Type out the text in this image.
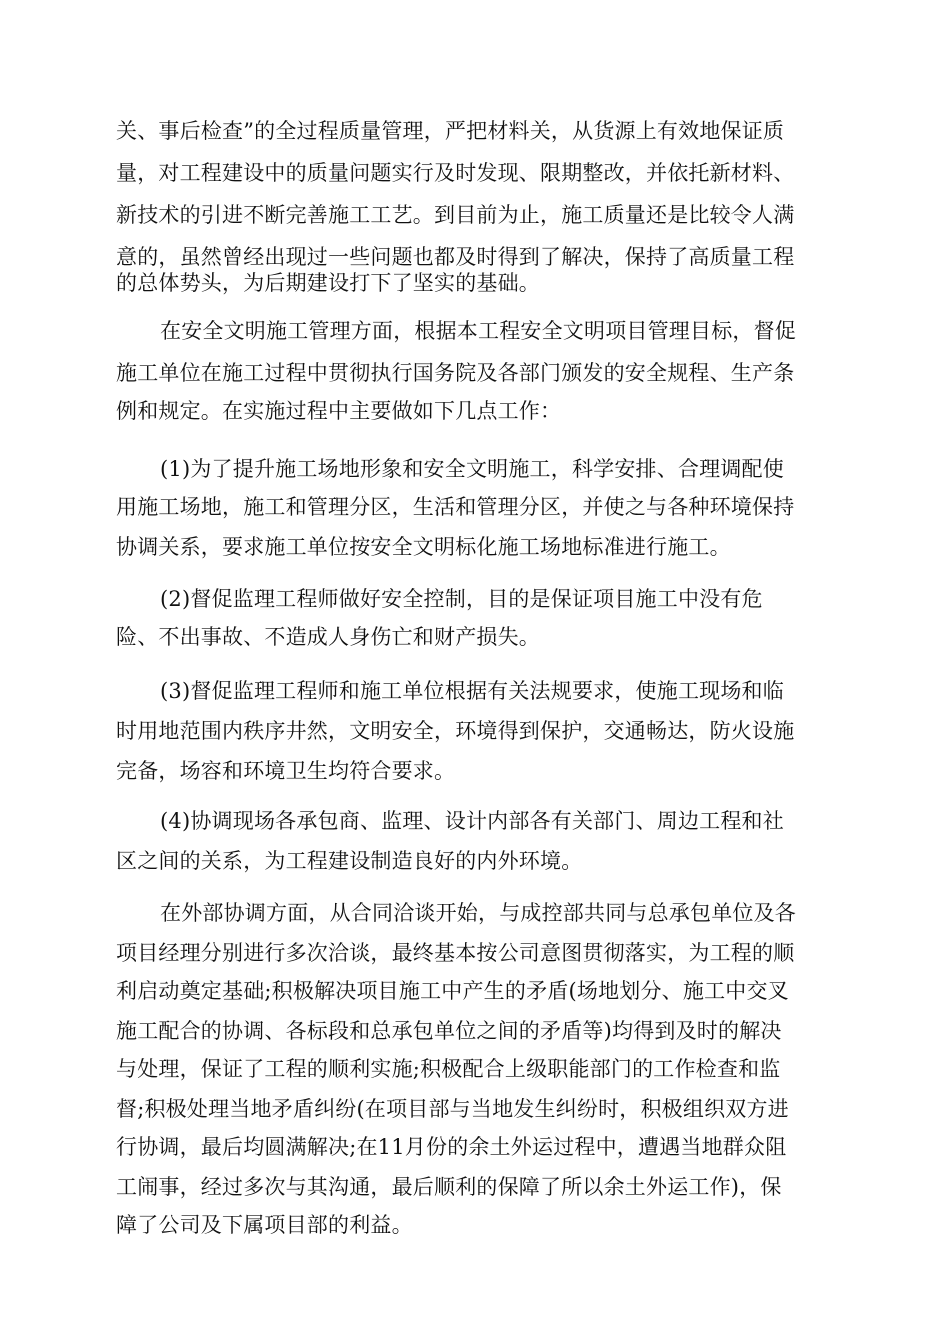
关、事后检查”的全过程质量管理，严把材料关，从货源上有效地保证质
量，对工程建设中的质量问题实行及时发现、限期整改，并依托新材料、
新技术的引进不断完善施工工艺。到目前为止，施工质量还是比较令人满
意的，虽然曾经出现过一些问题也都及时得到了解决，保持了高质量工程
的总体势头，为后期建设打下了坚实的基础。
在安全文明施工管理方面，根据本工程安全文明项目管理目标，督促
施工单位在施工过程中贯彻执行国务院及各部门颁发的安全规程、生产条
例和规定。在实施过程中主要做如下几点工作：
(1)为了提升施工场地形象和安全文明施工，科学安排、合理调配使
用施工场地，施工和管理分区，生活和管理分区，并使之与各种环境保持
协调关系，要求施工单位按安全文明标化施工场地标准进行施工。
(2)督促监理工程师做好安全控制，目的是保证项目施工中没有危
险、不出事故、不造成人身伤亡和财产损失。
(3)督促监理工程师和施工单位根据有关法规要求，使施工现场和临
时用地范围内秩序井然，文明安全，环境得到保护，交通畅达，防火设施
完备，场容和环境卫生均符合要求。
(4)协调现场各承包商、监理、设计内部各有关部门、周边工程和社
区之间的关系，为工程建设制造良好的内外环境。
在外部协调方面，从合同洽谈开始，与成控部共同与总承包单位及各
项目经理分别进行多次洽谈，最终基本按公司意图贯彻落实，为工程的顺
利启动奠定基础;积极解决项目施工中产生的矛盾(场地划分、施工中交叉
施工配合的协调、各标段和总承包单位之间的矛盾等)均得到及时的解决
与处理，保证了工程的顺利实施;积极配合上级职能部门的工作检查和监
督;积极处理当地矛盾纠纷(在项目部与当地发生纠纷时，积极组织双方进
行协调，最后均圆满解决;在11月份的余土外运过程中，遭遇当地群众阻
工闹事，经过多次与其沟通，最后顺利的保障了所以余土外运工作)，保
障了公司及下属项目部的利益。
